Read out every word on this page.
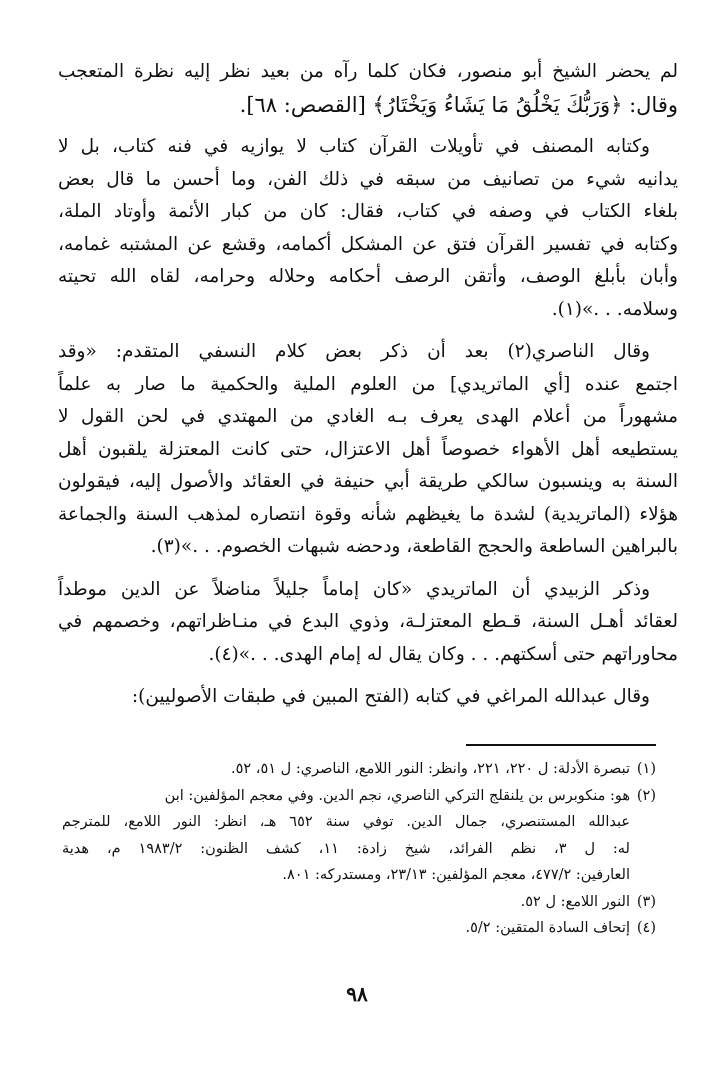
لم يحضر الشيخ أبو منصور، فكان كلما رآه من بعيد نظر إليه نظرة المتعجب
وقال: ﴿وَرَبُّكَ يَخْلُقُ مَا يَشَاءُ وَيَخْتَارُ﴾ [القصص: ٦٨].
وكتابه المصنف في تأويلات القرآن كتاب لا يوازيه في فنه كتاب، بل لا
يدانيه شيء من تصانيف من سبقه في ذلك الفن، وما أحسن ما قال بعض
بلغاء الكتاب في وصفه في كتاب، فقال: كان من كبار الأئمة وأوتاد الملة،
وكتابه في تفسير القرآن فتق عن المشكل أكمامه، وقشع عن المشتبه غمامه،
وأبان بأبلغ الوصف، وأتقن الرصف أحكامه وحلاله وحرامه، لقاه الله تحيته
وسلامه. . .»(١).
وقال الناصري(٢) بعد أن ذكر بعض كلام النسفي المتقدم: «وقد
اجتمع عنده [أي الماتريدي] من العلوم الملية والحكمية ما صار به علماً
مشهوراً من أعلام الهدى يعرف بـه الغادي من المهتدي في لحن القول لا
يستطيعه أهل الأهواء خصوصاً أهل الاعتزال، حتى كانت المعتزلة يلقبون أهل
السنة به وينسبون سالكي طريقة أبي حنيفة في العقائد والأصول إليه، فيقولون
هؤلاء (الماتريدية) لشدة ما يغيظهم شأنه وقوة انتصاره لمذهب السنة والجماعة
بالبراهين الساطعة والحجج القاطعة، ودحضه شبهات الخصوم. . .»(٣).
وذكر الزبيدي أن الماتريدي «كان إماماً جليلاً مناضلاً عن الدين موطداً
لعقائد أهـل السنة، قـطع المعتزلـة، وذوي البدع في منـاظراتهم، وخصمهم في
محاوراتهم حتى أسكتهم. . . وكان يقال له إمام الهدى. . .»(٤).
وقال عبدالله المراغي في كتابه (الفتح المبين في طبقات الأصوليين):

(١)تبصرة الأدلة: ل ٢٢٠، ٢٢١، وانظر: النور اللامع، الناصري: ل ٥١، ٥٢.

(٢)هو: منكوبرس بن يلنقلج التركي الناصري، نجم الدين. وفي معجم المؤلفين: ابن
عبدالله المستنصري، جمال الدين. توفي سنة ٦٥٢ هـ، انظر: النور اللامع، للمترجم
له: ل ٣، نظم الفرائد، شيخ زادة: ١١، كشف الظنون: ١٩٨٣/٢ م، هدية
العارفين: ٤٧٧/٢، معجم المؤلفين: ٢٣/١٣، ومستدركه: ٨٠١.

(٣)النور اللامع: ل ٥٢.

(٤)إتحاف السادة المتقين: ٥/٢.

٩٨
